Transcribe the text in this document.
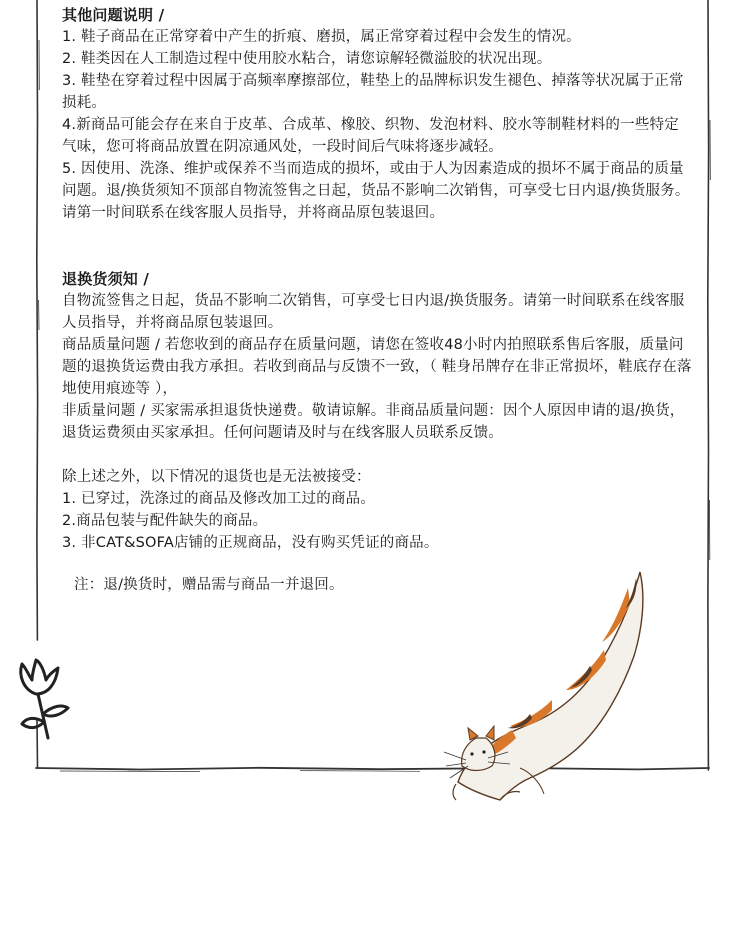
其他问题说明 /

1. 鞋子商品在正常穿着中产生的折痕、磨损，属正常穿着过程中会发生的情况。

2. 鞋类因在人工制造过程中使用胶水粘合，请您谅解轻微溢胶的状况出现。

3. 鞋垫在穿着过程中因属于高频率摩擦部位，鞋垫上的品牌标识发生褪色、掉落等状况属于正常损耗。

4.新商品可能会存在来自于皮革、合成革、橡胶、织物、发泡材料、胶水等制鞋材料的一些特定气味，您可将商品放置在阴凉通风处，一段时间后气味将逐步减轻。

5. 因使用、洗涤、维护或保养不当而造成的损坏，或由于人为因素造成的损坏不属于商品的质量问题。退/换货须知不顶部自物流签售之日起，货品不影响二次销售，可享受七日内退/换货服务。请第一时间联系在线客服人员指导，并将商品原包装退回。

退换货须知 /

自物流签售之日起，货品不影响二次销售，可享受七日内退/换货服务。请第一时间联系在线客服人员指导，并将商品原包装退回。

商品质量问题 / 若您收到的商品存在质量问题，请您在签收48小时内拍照联系售后客服，质量问题的退换货运费由我方承担。若收到商品与反馈不一致，（ 鞋身吊牌存在非正常损坏，鞋底存在落地使用痕迹等 ），

非质量问题 / 买家需承担退货快递费。敬请谅解。非商品质量问题：因个人原因申请的退/换货，退货运费须由买家承担。任何问题请及时与在线客服人员联系反馈。

除上述之外，以下情况的退货也是无法被接受：

1. 已穿过，洗涤过的商品及修改加工过的商品。

2.商品包装与配件缺失的商品。

3. 非CAT&SOFA店铺的正规商品，没有购买凭证的商品。

注：退/换货时，赠品需与商品一并退回。
